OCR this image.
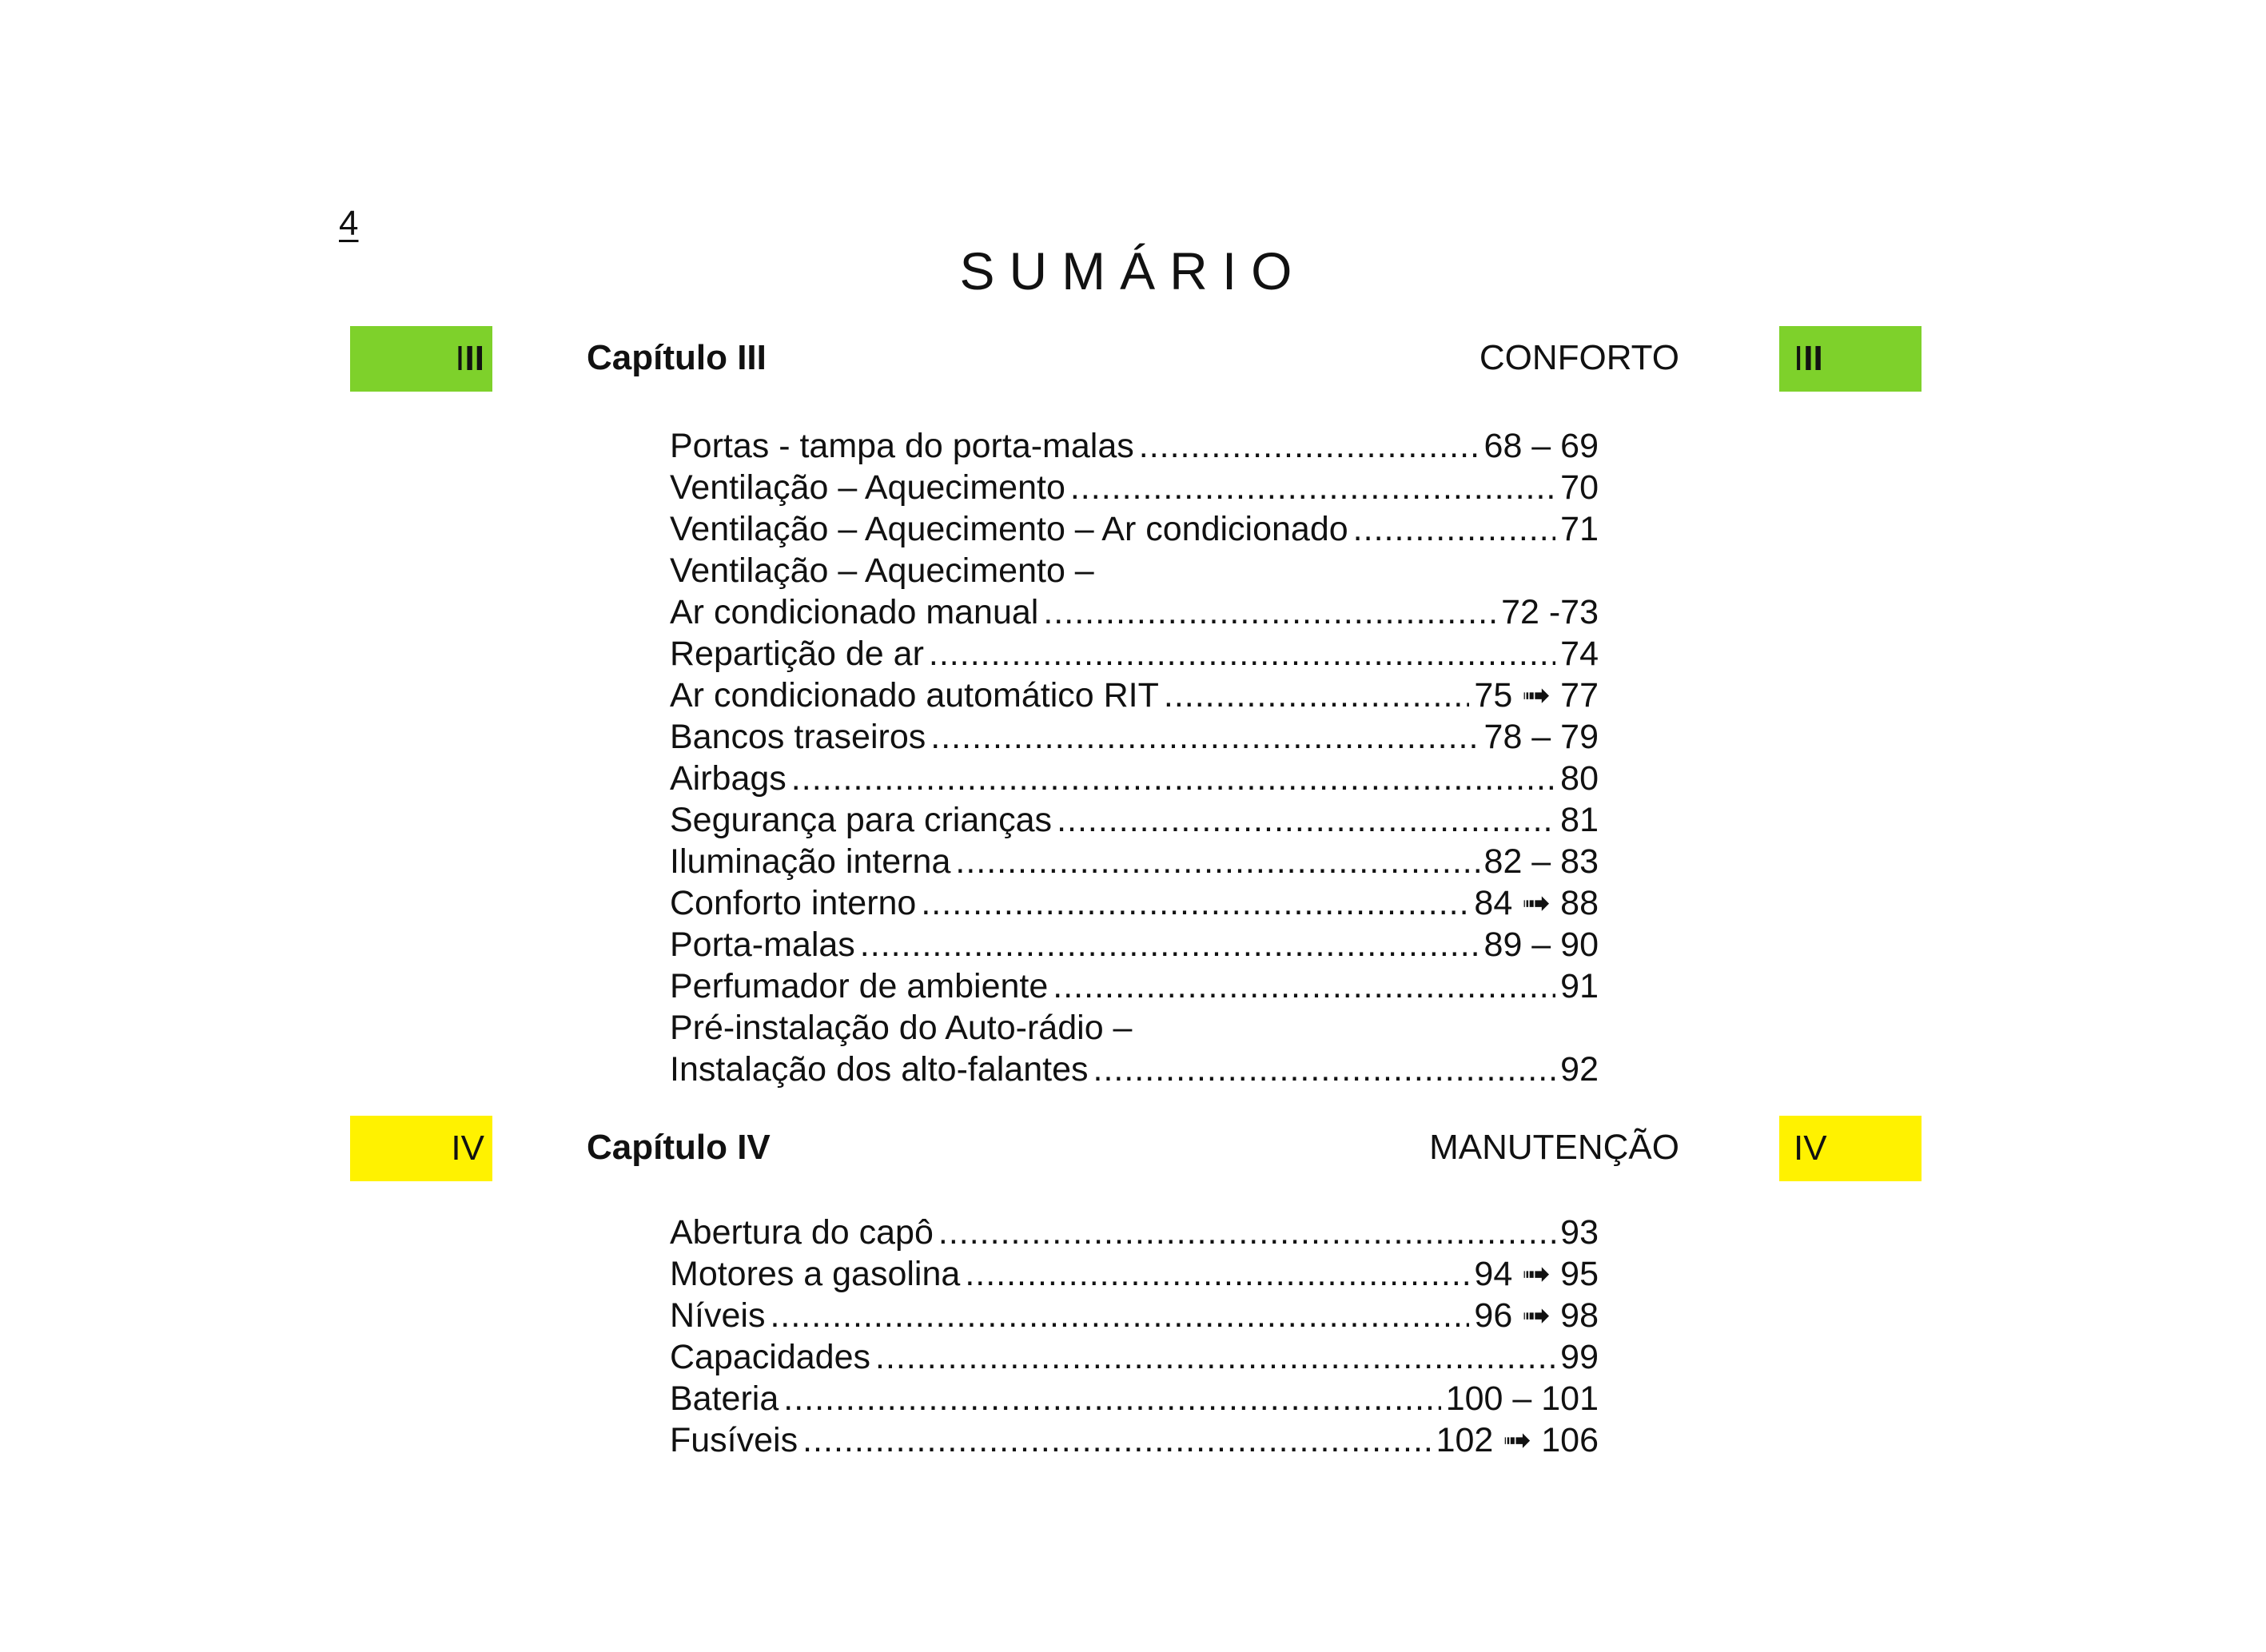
4
SUMÁRIO
III	Capítulo III	CONFORTO	III
Portas - tampa do porta-malas .....	68 – 69
Ventilação – Aquecimento .....	70
Ventilação – Aquecimento – Ar condicionado .....	71
Ventilação – Aquecimento –
Ar condicionado manual .....	72 -73
Repartição de ar .....	74
Ar condicionado automático RIT .....	75 ➟ 77
Bancos traseiros .....	78 – 79
Airbags .....	80
Segurança para crianças .....	81
Iluminação interna .....	82 – 83
Conforto interno .....	84 ➟ 88
Porta-malas .....	89 – 90
Perfumador de ambiente .....	91
Pré-instalação do Auto-rádio –
Instalação dos alto-falantes .....	92
IV	Capítulo IV	MANUTENÇÃO	IV
Abertura do capô .....	93
Motores a gasolina .....	94 ➟ 95
Níveis .....	96 ➟ 98
Capacidades .....	99
Bateria .....	100 – 101
Fusíveis .....	102 ➟ 106
